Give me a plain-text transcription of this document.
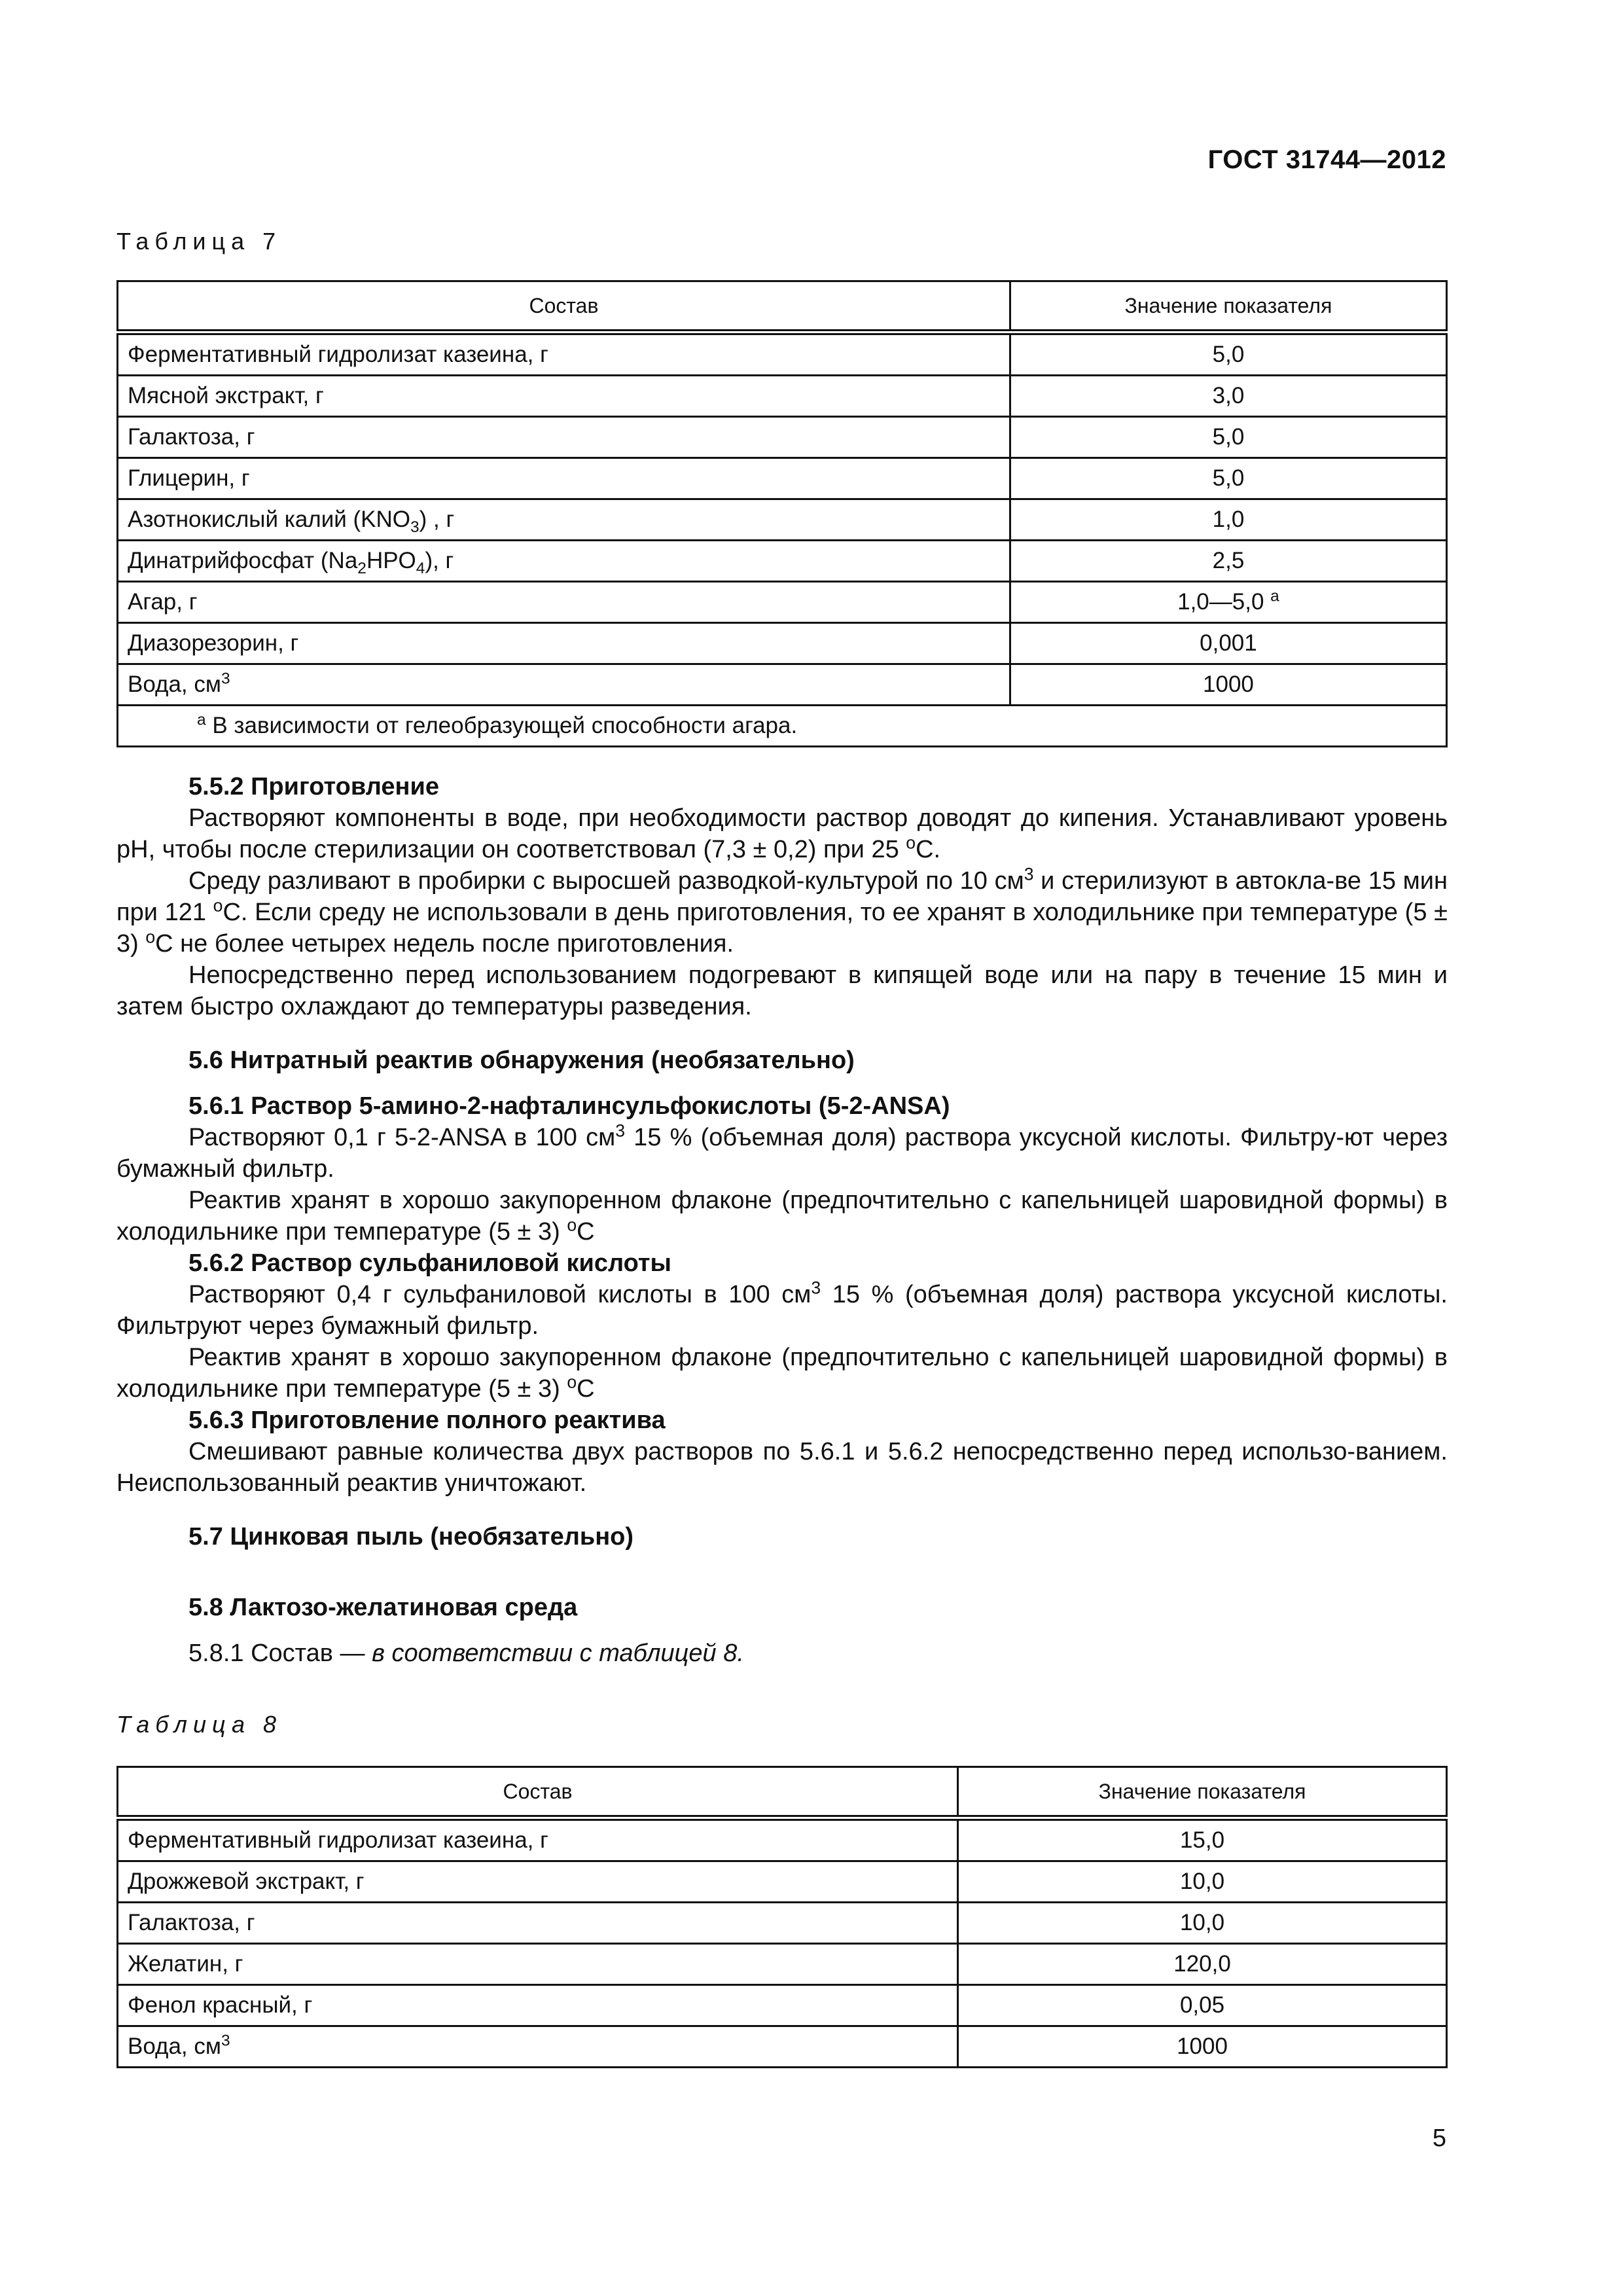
ГОСТ 31744—2012
Таблица 7
Состав	Значение показателя
Ферментативный гидролизат казеина, г	5,0
Мясной экстракт, г	3,0
Галактоза, г	5,0
Глицерин, г	5,0
Азотнокислый калий $(KNO_3)$ , г	1,0
Динатрийфосфат $(Na_2HPO_4)$, г	2,5
Агар, г	1,0—5,0 $^а$
Диазорезорин, г	0,001
Вода, $см^3$	1000
$^а$ В зависимости от гелеобразующей способности агара.	

5.5.2 Приготовление

Растворяют компоненты в воде, при необходимости раствор доводят до кипения. Устанавливают уровень pH, чтобы после стерилизации он соответствовал (7,3 ± 0,2) при 25 $^о$С.

Среду разливают в пробирки с выросшей разводкой-культурой по 10 $см^3$ и стерилизуют в автокла-ве 15 мин при 121 $^о$С. Если среду не использовали в день приготовления, то ее хранят в холодильнике при температуре (5 ± 3) $^о$С не более четырех недель после приготовления.

Непосредственно перед использованием подогревают в кипящей воде или на пару в течение 15 мин и затем быстро охлаждают до температуры разведения.

5.6 Нитратный реактив обнаружения (необязательно)

5.6.1 Раствор 5-амино-2-нафталинсульфокислоты (5-2-ANSA)

Растворяют 0,1 г 5-2-ANSA в 100 $см^3$ 15 % (объемная доля) раствора уксусной кислоты. Фильтру-ют через бумажный фильтр.

Реактив хранят в хорошо закупоренном флаконе (предпочтительно с капельницей шаровидной формы) в холодильнике при температуре (5 ± 3) $^о$С

5.6.2 Раствор сульфаниловой кислоты

Растворяют 0,4 г сульфаниловой кислоты в 100 $см^3$ 15 % (объемная доля) раствора уксусной кислоты. Фильтруют через бумажный фильтр.

Реактив хранят в хорошо закупоренном флаконе (предпочтительно с капельницей шаровидной формы) в холодильнике при температуре (5 ± 3) $^о$С

5.6.3 Приготовление полного реактива

Смешивают равные количества двух растворов по 5.6.1 и 5.6.2 непосредственно перед использо-ванием. Неиспользованный реактив уничтожают.

5.7 Цинковая пыль (необязательно)

5.8 Лактозо-желатиновая среда

5.8.1 Состав — в соответствии с таблицей 8.

Таблица 8
Состав	Значение показателя
Ферментативный гидролизат казеина, г	15,0
Дрожжевой экстракт, г	10,0
Галактоза, г	10,0
Желатин, г	120,0
Фенол красный, г	0,05
Вода, $см^3$	1000
5
